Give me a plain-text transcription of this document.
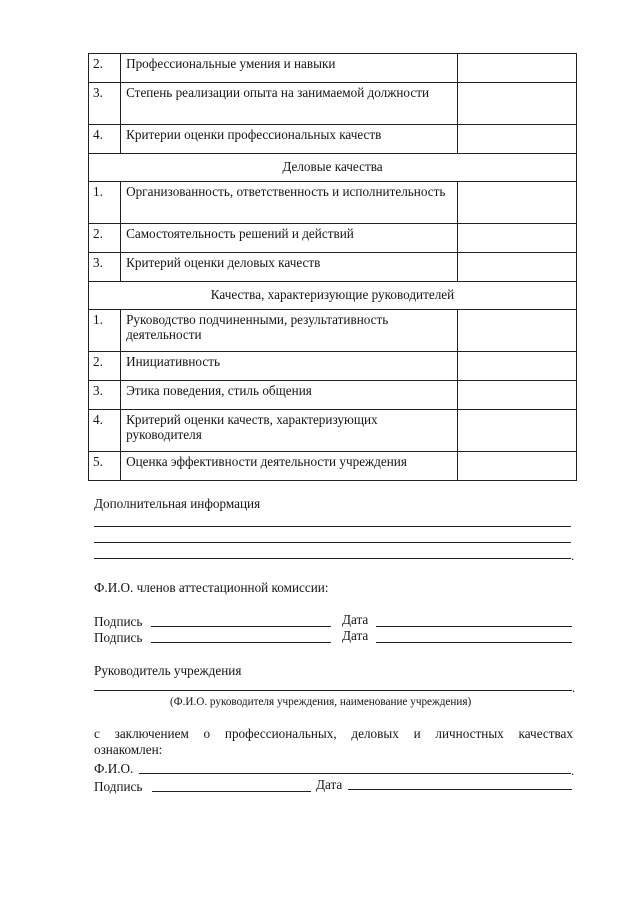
2.	Профессиональные умения и навыки	
3.	Степень реализации опыта на занимаемой должности	
4.	Критерии оценки профессиональных качеств	
Деловые качества		
1.	Организованность, ответственность и исполнительность	
2.	Самостоятельность решений и действий	
3.	Критерий оценки деловых качеств	
Качества, характеризующие руководителей		
1.	Руководство подчиненными, результативность деятельности	
2.	Инициативность	
3.	Этика поведения, стиль общения	
4.	Критерий оценки качеств, характеризующих руководителя	
5.	Оценка эффективности деятельности учреждения	
Дополнительная информация
.
Ф.И.О. членов аттестационной комиссии:
Подпись	Дата
Подпись	Дата
Руководитель учреждения
.
(Ф.И.О. руководителя учреждения, наименование учреждения)
с заключением о профессиональных, деловых и личностных качествах
ознакомлен:
Ф.И.О.	.
Подпись	Дата
